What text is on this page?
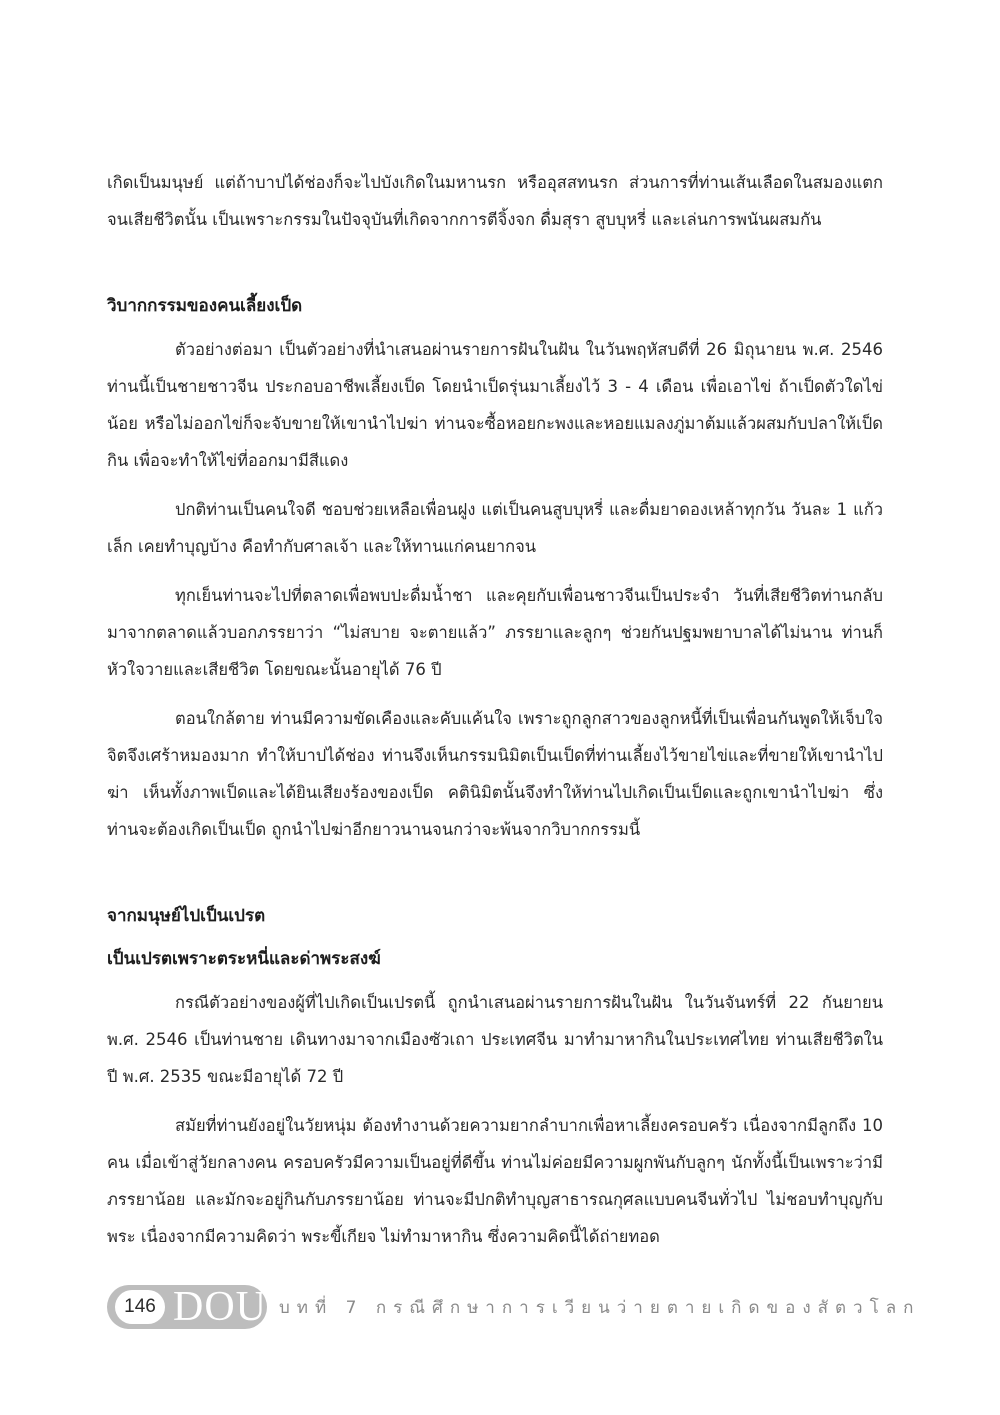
เกิดเป็นมนุษย์ แต่ถ้าบาปได้ช่องก็จะไปบังเกิดในมหานรก หรืออุสสทนรก ส่วนการที่ท่านเส้นเลือดในสมองแตกจนเสียชีวิตนั้น เป็นเพราะกรรมในปัจจุบันที่เกิดจากการตีจิ้งจก ดื่มสุรา สูบบุหรี่ และเล่นการพนันผสมกัน

วิบากกรรมของคนเลี้ยงเป็ด

ตัวอย่างต่อมา เป็นตัวอย่างที่นำเสนอผ่านรายการฝันในฝัน ในวันพฤหัสบดีที่ 26 มิถุนายน พ.ศ. 2546 ท่านนี้เป็นชายชาวจีน ประกอบอาชีพเลี้ยงเป็ด โดยนำเป็ดรุ่นมาเลี้ยงไว้ 3 - 4 เดือน เพื่อเอาไข่ ถ้าเป็ดตัวใดไข่น้อย หรือไม่ออกไข่ก็จะจับขายให้เขานำไปฆ่า ท่านจะซื้อหอยกะพงและหอยแมลงภู่มาต้มแล้วผสมกับปลาให้เป็ดกิน เพื่อจะทำให้ไข่ที่ออกมามีสีแดง

ปกติท่านเป็นคนใจดี ชอบช่วยเหลือเพื่อนฝูง แต่เป็นคนสูบบุหรี่ และดื่มยาดองเหล้าทุกวัน วันละ 1 แก้วเล็ก เคยทำบุญบ้าง คือทำกับศาลเจ้า และให้ทานแก่คนยากจน

ทุกเย็นท่านจะไปที่ตลาดเพื่อพบปะดื่มน้ำชา และคุยกับเพื่อนชาวจีนเป็นประจำ วันที่เสียชีวิตท่านกลับมาจากตลาดแล้วบอกภรรยาว่า “ไม่สบาย จะตายแล้ว” ภรรยาและลูกๆ ช่วยกันปฐมพยาบาลได้ไม่นาน ท่านก็หัวใจวายและเสียชีวิต โดยขณะนั้นอายุได้ 76 ปี

ตอนใกล้ตาย ท่านมีความขัดเคืองและคับแค้นใจ เพราะถูกลูกสาวของลูกหนี้ที่เป็นเพื่อนกันพูดให้เจ็บใจ จิตจึงเศร้าหมองมาก ทำให้บาปได้ช่อง ท่านจึงเห็นกรรมนิมิตเป็นเป็ดที่ท่านเลี้ยงไว้ขายไข่และที่ขายให้เขานำไปฆ่า เห็นทั้งภาพเป็ดและได้ยินเสียงร้องของเป็ด คตินิมิตนั้นจึงทำให้ท่านไปเกิดเป็นเป็ดและถูกเขานำไปฆ่า ซึ่งท่านจะต้องเกิดเป็นเป็ด ถูกนำไปฆ่าอีกยาวนานจนกว่าจะพ้นจากวิบากกรรมนี้

จากมนุษย์ไปเป็นเปรต
เป็นเปรตเพราะตระหนี่และด่าพระสงฆ์

กรณีตัวอย่างของผู้ที่ไปเกิดเป็นเปรตนี้ ถูกนำเสนอผ่านรายการฝันในฝัน ในวันจันทร์ที่ 22 กันยายน พ.ศ. 2546 เป็นท่านชาย เดินทางมาจากเมืองซัวเถา ประเทศจีน มาทำมาหากินในประเทศไทย ท่านเสียชีวิตในปี พ.ศ. 2535 ขณะมีอายุได้ 72 ปี

สมัยที่ท่านยังอยู่ในวัยหนุ่ม ต้องทำงานด้วยความยากลำบากเพื่อหาเลี้ยงครอบครัว เนื่องจากมีลูกถึง 10 คน เมื่อเข้าสู่วัยกลางคน ครอบครัวมีความเป็นอยู่ที่ดีขึ้น ท่านไม่ค่อยมีความผูกพันกับลูกๆ นักทั้งนี้เป็นเพราะว่ามีภรรยาน้อย และมักจะอยู่กินกับภรรยาน้อย ท่านจะมีปกติทำบุญสาธารณกุศลแบบคนจีนทั่วไป ไม่ชอบทำบุญกับพระ เนื่องจากมีความคิดว่า พระขี้เกียจ ไม่ทำมาหากิน ซึ่งความคิดนี้ได้ถ่ายทอด

146 DOU บทที่ 7 กรณีศึกษาการเวียนว่ายตายเกิดของสัตวโลก
